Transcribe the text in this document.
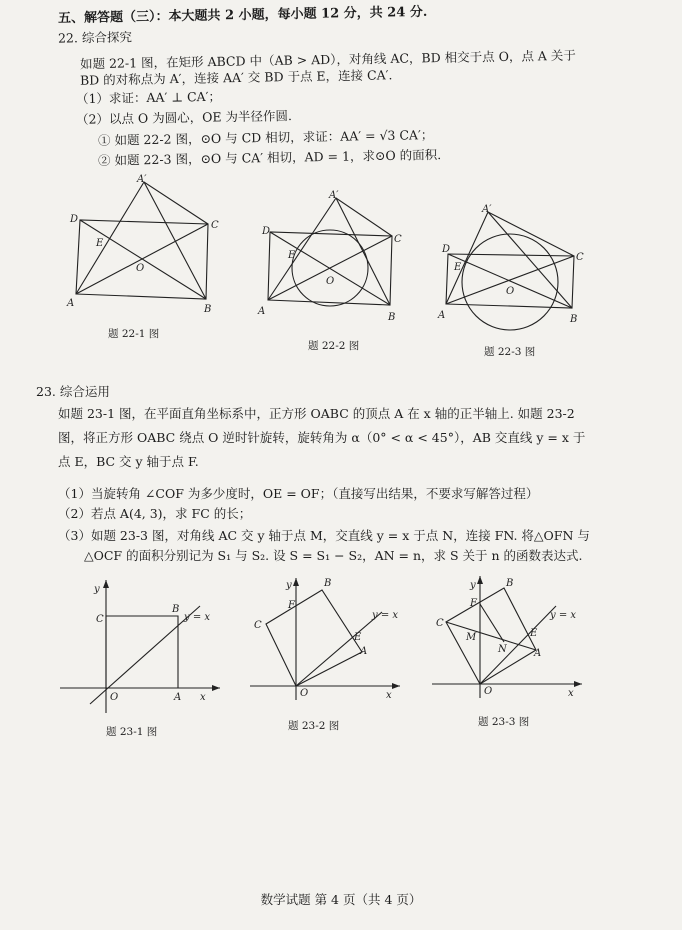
五、解答题（三）：本大题共 2 小题，每小题 12 分，共 24 分.
22. 综合探究
如题 22-1 图，在矩形 ABCD 中（AB > AD），对角线 AC，BD 相交于点 O，点 A 关于
BD 的对称点为 A′，连接 AA′ 交 BD 于点 E，连接 CA′.
（1）求证：AA′ ⊥ CA′；
（2）以点 O 为圆心，OE 为半径作圆.
① 如题 22-2 图，⊙O 与 CD 相切，求证：AA′ = √3 CA′；
② 如题 22-3 图，⊙O 与 CA′ 相切，AD = 1，求⊙O 的面积.
A
B
C
D
A′
E
O
题 22-1 图
A
B
C
D
A′
E
O
题 22-2 图
A	B
C
D
A′
E
O
题 22-3 图
23. 综合运用
如题 23-1 图，在平面直角坐标系中，正方形 OABC 的顶点 A 在 x 轴的正半轴上. 如题 23-2
图，将正方形 OABC 绕点 O 逆时针旋转，旋转角为 α（0° < α < 45°），AB 交直线 y = x 于
点 E，BC 交 y 轴于点 F.
（1）当旋转角 ∠COF 为多少度时，OE = OF；（直接写出结果，不要求写解答过程）
（2）若点 A(4, 3)，求 FC 的长；
（3）如题 23-3 图，对角线 AC 交 y 轴于点 M，交直线 y = x 于点 N，连接 FN. 将△OFN 与
△OCF 的面积分别记为 S₁ 与 S₂. 设 S = S₁ − S₂，AN = n，求 S 关于 n 的函数表达式.
y
C
B
y = x
O	A x
题 23-1 图
y	B
F
y = x
C
E
A
O	x
题 23-2 图
y	B
F
y = x
C
M	E
N	A
O	x
题 23-3 图
数学试题 第 4 页（共 4 页）
